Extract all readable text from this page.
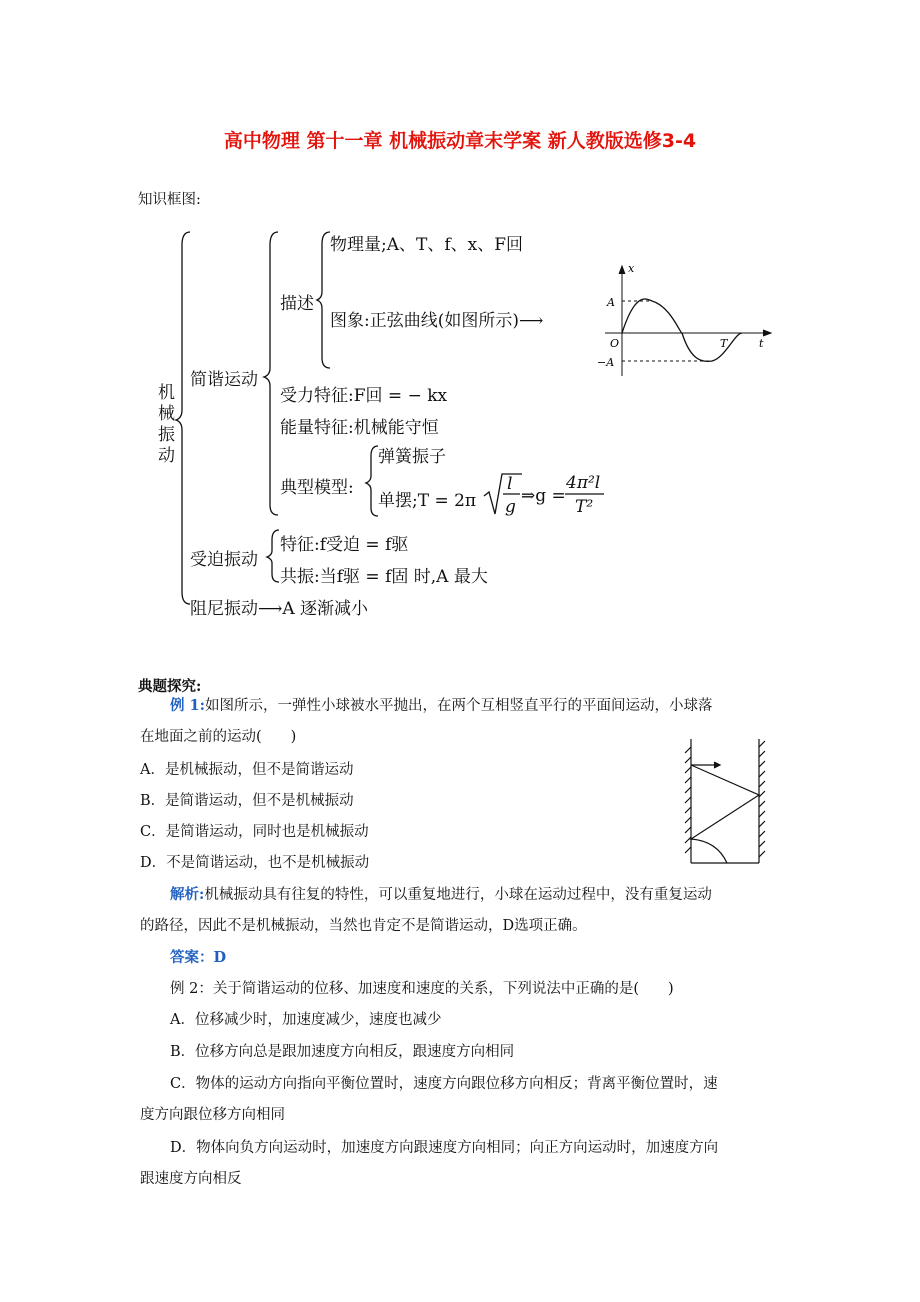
高中物理 第十一章 机械振动章末学案 新人教版选修3-4
知识框图:
机械振动
简谐运动
描述
物理量;A、T、f、x、F回
图象:正弦曲线(如图所示)⟶
受力特征:F回 = − kx
能量特征:机械能守恒
典型模型:
弹簧振子
单摆;T = 2π
l
g
⇒g =
4π²l
T²
受迫振动
特征:f受迫 = f驱
共振:当f驱 = f固 时,A 最大
阻尼振动⟶A 逐渐减小
x
t
A
−A
O	T
典题探究:
例 1:如图所示，一弹性小球被水平抛出，在两个互相竖直平行的平面间运动，小球落
在地面之前的运动(　　)
A．是机械振动，但不是简谐运动
B．是简谐运动，但不是机械振动
C．是简谐运动，同时也是机械振动
D．不是简谐运动，也不是机械振动
解析:机械振动具有往复的特性，可以重复地进行，小球在运动过程中，没有重复运动
的路径，因此不是机械振动，当然也肯定不是简谐运动，D选项正确。
答案：D
例 2：关于简谐运动的位移、加速度和速度的关系，下列说法中正确的是(　　)
A．位移减少时，加速度减少，速度也减少
B．位移方向总是跟加速度方向相反，跟速度方向相同
C．物体的运动方向指向平衡位置时，速度方向跟位移方向相反；背离平衡位置时，速
度方向跟位移方向相同
D．物体向负方向运动时，加速度方向跟速度方向相同；向正方向运动时，加速度方向
跟速度方向相反
